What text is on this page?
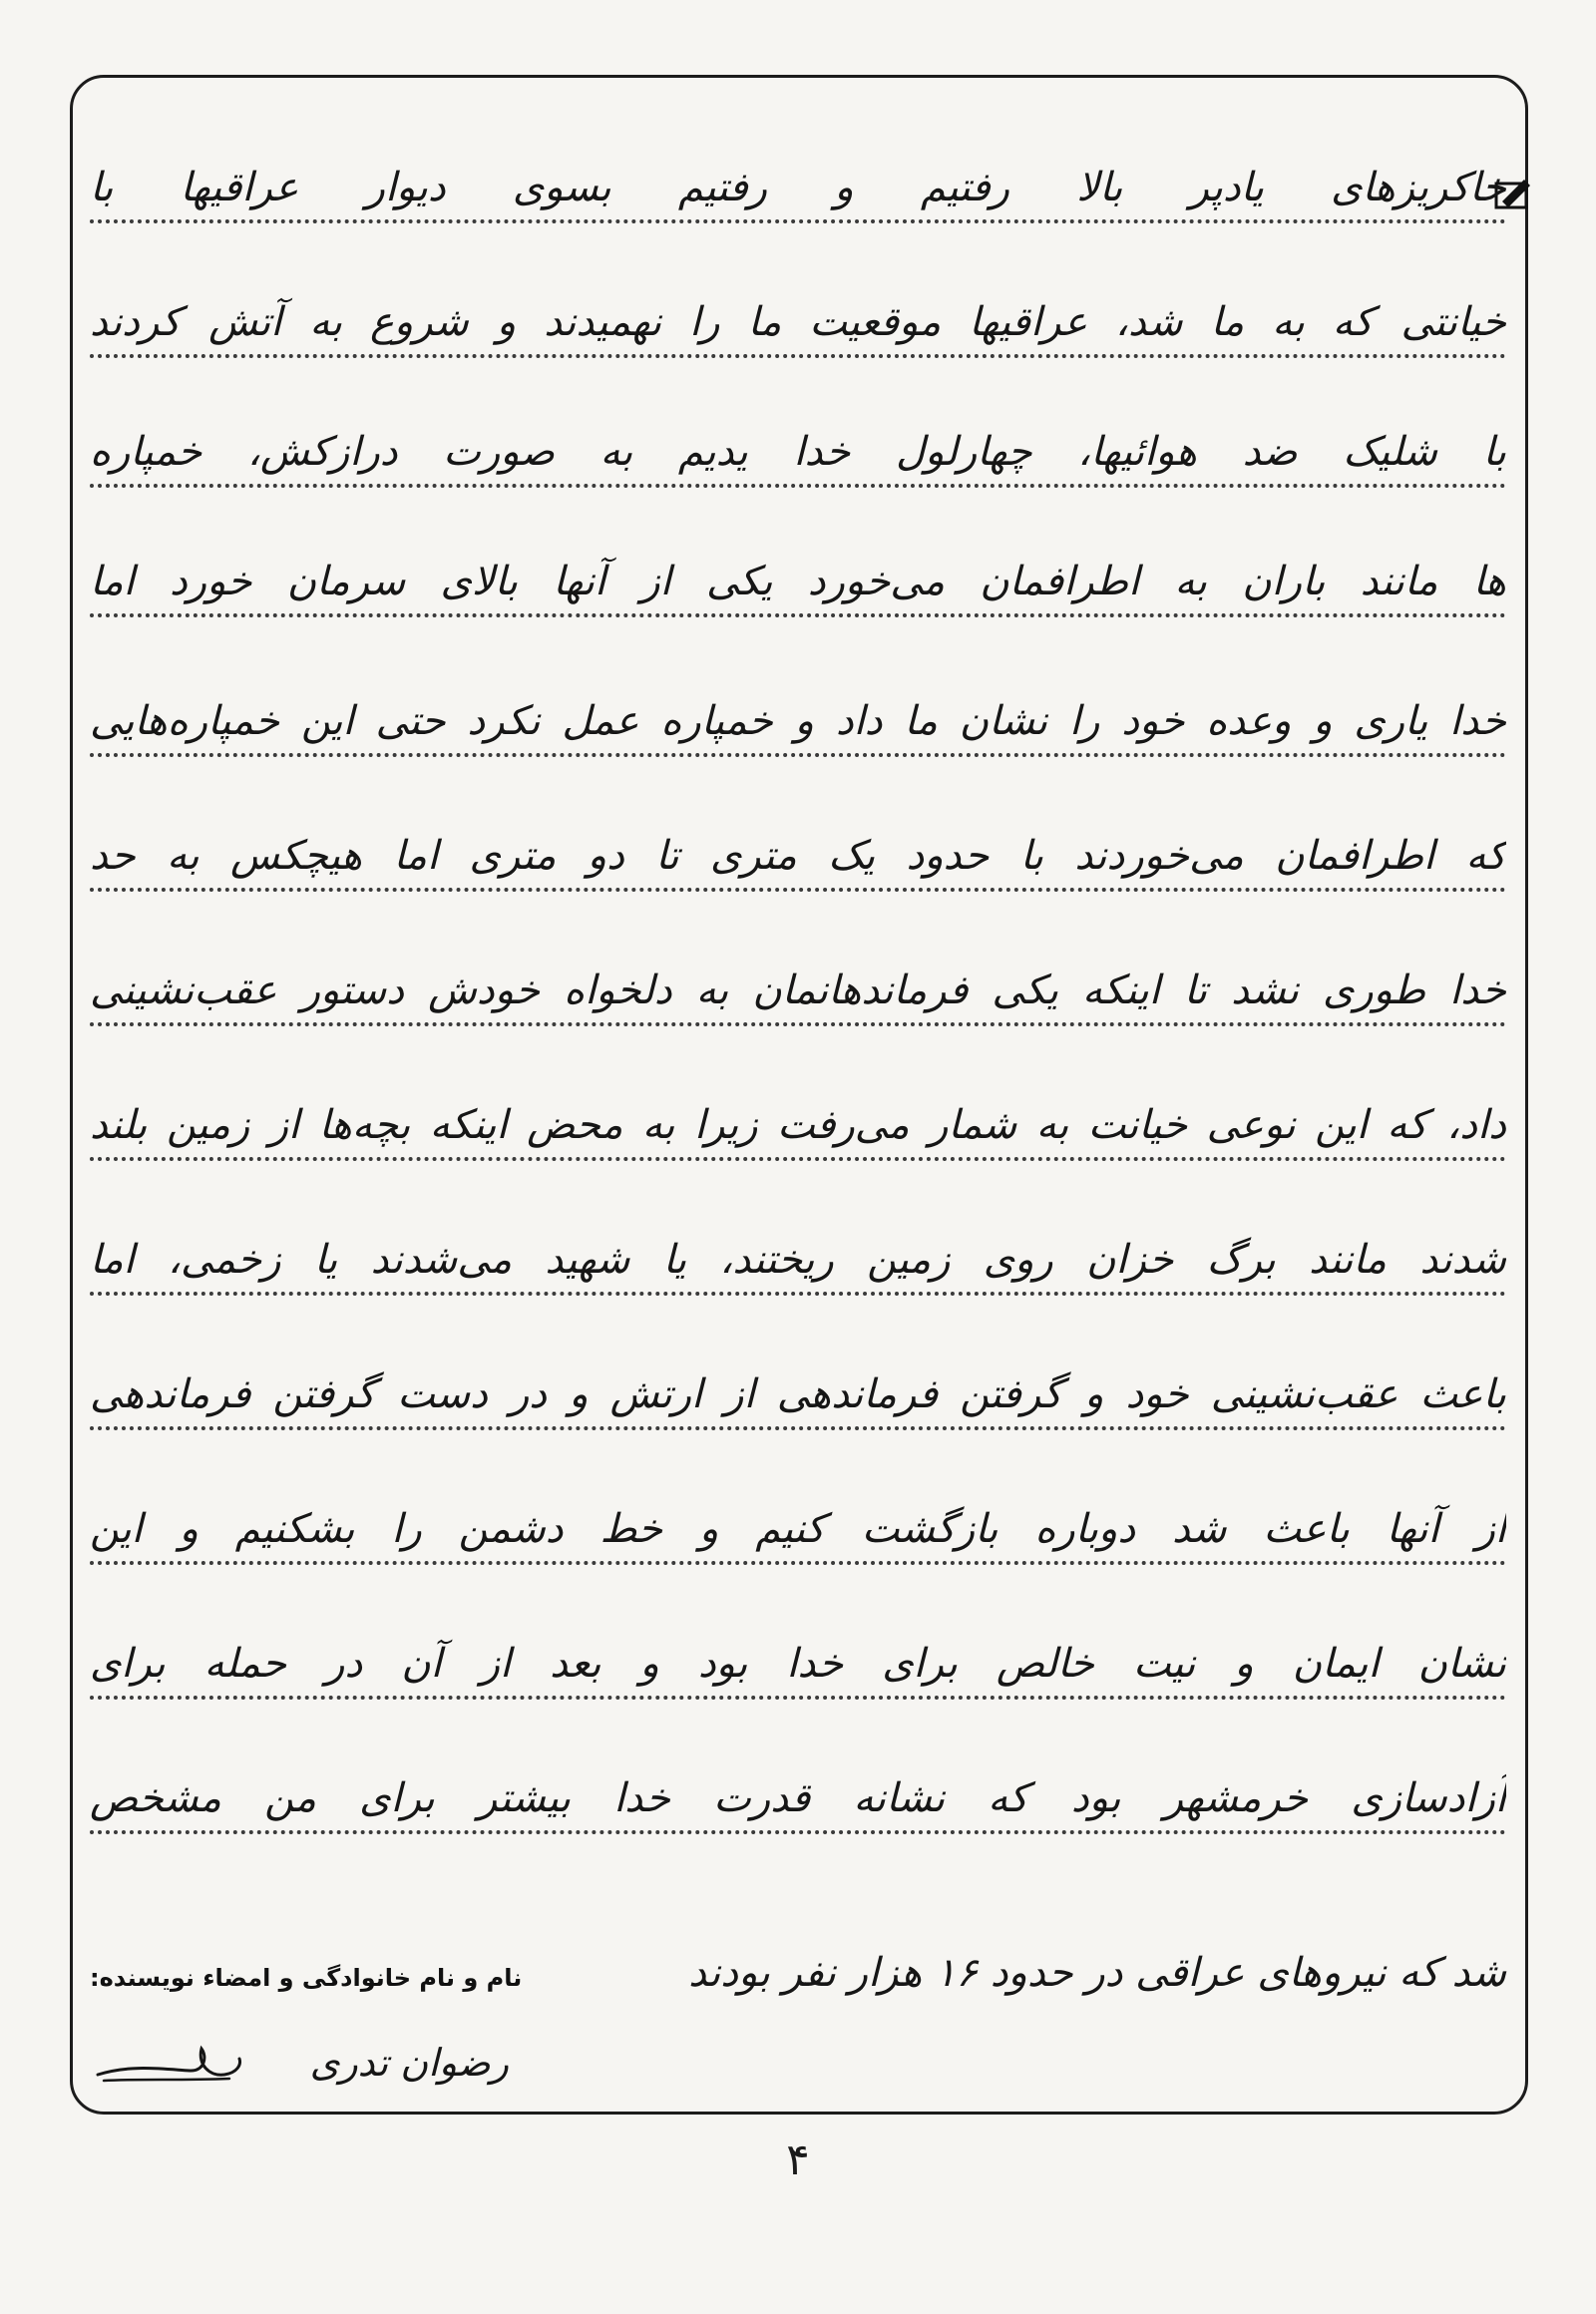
خاکریزهای یادپر بالا رفتیم و رفتیم بسوی دیوار عراقیها با
خیانتی که به ما شد، عراقیها موقعیت ما را نهمیدند و شروع به آتش کردند
با شلیک ضد هوائیها، چهارلول خدا یدیم به صورت درازکش، خمپاره
ها مانند باران به اطرافمان می‌خورد یکی از آنها بالای سرمان خورد اما
خدا یاری و وعده خود را نشان ما داد و خمپاره عمل نکرد حتی این خمپاره‌هایی
که اطرافمان می‌خوردند با حدود یک متری تا دو متری اما هیچکس به حد
خدا طوری نشد تا اینکه یکی فرماندهانمان به دلخواه خودش دستور عقب‌نشینی
داد، که این نوعی خیانت به شمار می‌رفت زیرا به محض اینکه بچه‌ها از زمین بلند
شدند مانند برگ خزان روی زمین ریختند، یا شهید می‌شدند یا زخمی، اما
باعث عقب‌نشینی خود و گرفتن فرماندهی از ارتش و در دست گرفتن فرماندهی
از آنها باعث شد دوباره بازگشت کنیم و خط دشمن را بشکنیم و این
نشان ایمان و نیت خالص برای خدا بود و بعد از آن در حمله برای
آزادسازی خرمشهر بود که نشانه قدرت خدا بیشتر برای من مشخص
شد که نیروهای عراقی در حدود ۱۶ هزار نفر بودند
نام و نام خانوادگی و امضاء نویسنده:
رضوان تدری
۴
